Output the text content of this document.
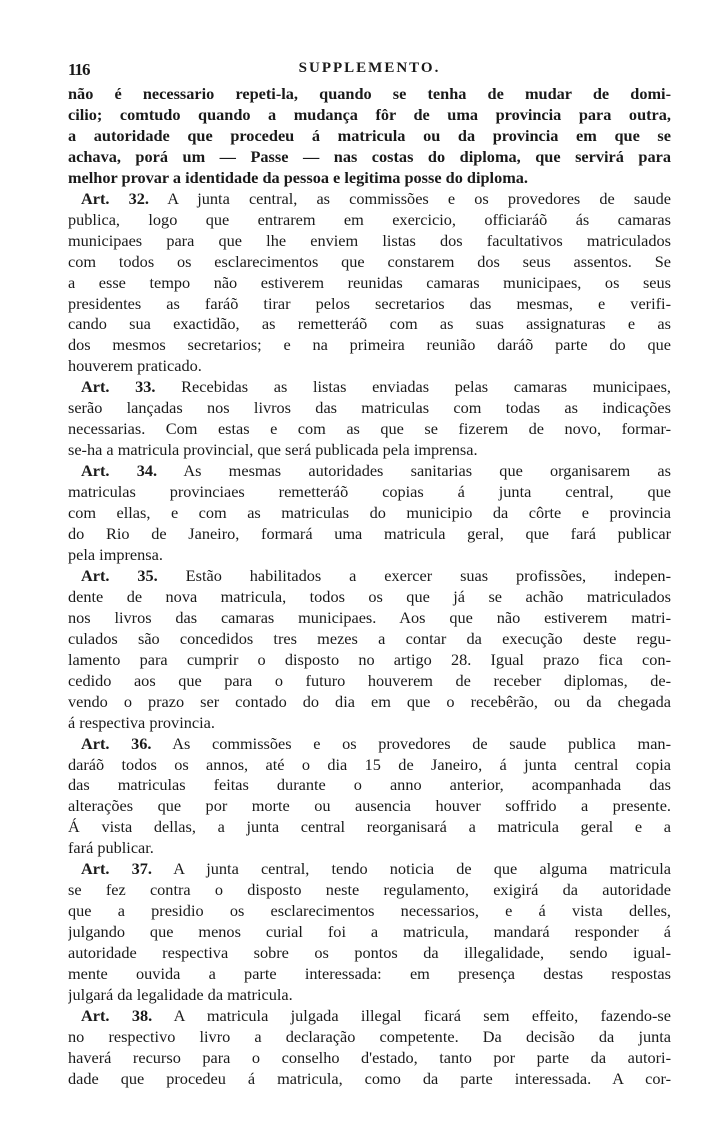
116	SUPPLEMENTO.
não é necessario repeti-la, quando se tenha de mudar de domi-
cilio; comtudo quando a mudança fôr de uma provincia para outra,
a autoridade que procedeu á matricula ou da provincia em que se
achava, porá um — Passe — nas costas do diploma, que servirá para
melhor provar a identidade da pessoa e legitima posse do diploma.
Art. 32. A junta central, as commissões e os provedores de saude
publica, logo que entrarem em exercicio, officiaráõ ás camaras
municipaes para que lhe enviem listas dos facultativos matriculados
com todos os esclarecimentos que constarem dos seus assentos. Se
a esse tempo não estiverem reunidas camaras municipaes, os seus
presidentes as faráõ tirar pelos secretarios das mesmas, e verifi-
cando sua exactidão, as remetteráõ com as suas assignaturas e as
dos mesmos secretarios; e na primeira reunião daráõ parte do que
houverem praticado.
Art. 33. Recebidas as listas enviadas pelas camaras municipaes,
serão lançadas nos livros das matriculas com todas as indicações
necessarias. Com estas e com as que se fizerem de novo, formar-
se-ha a matricula provincial, que será publicada pela imprensa.
Art. 34. As mesmas autoridades sanitarias que organisarem as
matriculas provinciaes remetteráõ copias á junta central, que
com ellas, e com as matriculas do municipio da côrte e provincia
do Rio de Janeiro, formará uma matricula geral, que fará publicar
pela imprensa.
Art. 35. Estão habilitados a exercer suas profissões, indepen-
dente de nova matricula, todos os que já se achão matriculados
nos livros das camaras municipaes. Aos que não estiverem matri-
culados são concedidos tres mezes a contar da execução deste regu-
lamento para cumprir o disposto no artigo 28. Igual prazo fica con-
cedido aos que para o futuro houverem de receber diplomas, de-
vendo o prazo ser contado do dia em que o recebêrão, ou da chegada
á respectiva provincia.
Art. 36. As commissões e os provedores de saude publica man-
daráõ todos os annos, até o dia 15 de Janeiro, á junta central copia
das matriculas feitas durante o anno anterior, acompanhada das
alterações que por morte ou ausencia houver soffrido a presente.
Á vista dellas, a junta central reorganisará a matricula geral e a
fará publicar.
Art. 37. A junta central, tendo noticia de que alguma matricula
se fez contra o disposto neste regulamento, exigirá da autoridade
que a presidio os esclarecimentos necessarios, e á vista delles,
julgando que menos curial foi a matricula, mandará responder á
autoridade respectiva sobre os pontos da illegalidade, sendo igual-
mente ouvida a parte interessada: em presença destas respostas
julgará da legalidade da matricula.
Art. 38. A matricula julgada illegal ficará sem effeito, fazendo-se
no respectivo livro a declaração competente. Da decisão da junta
haverá recurso para o conselho d'estado, tanto por parte da autori-
dade que procedeu á matricula, como da parte interessada. A cor-
